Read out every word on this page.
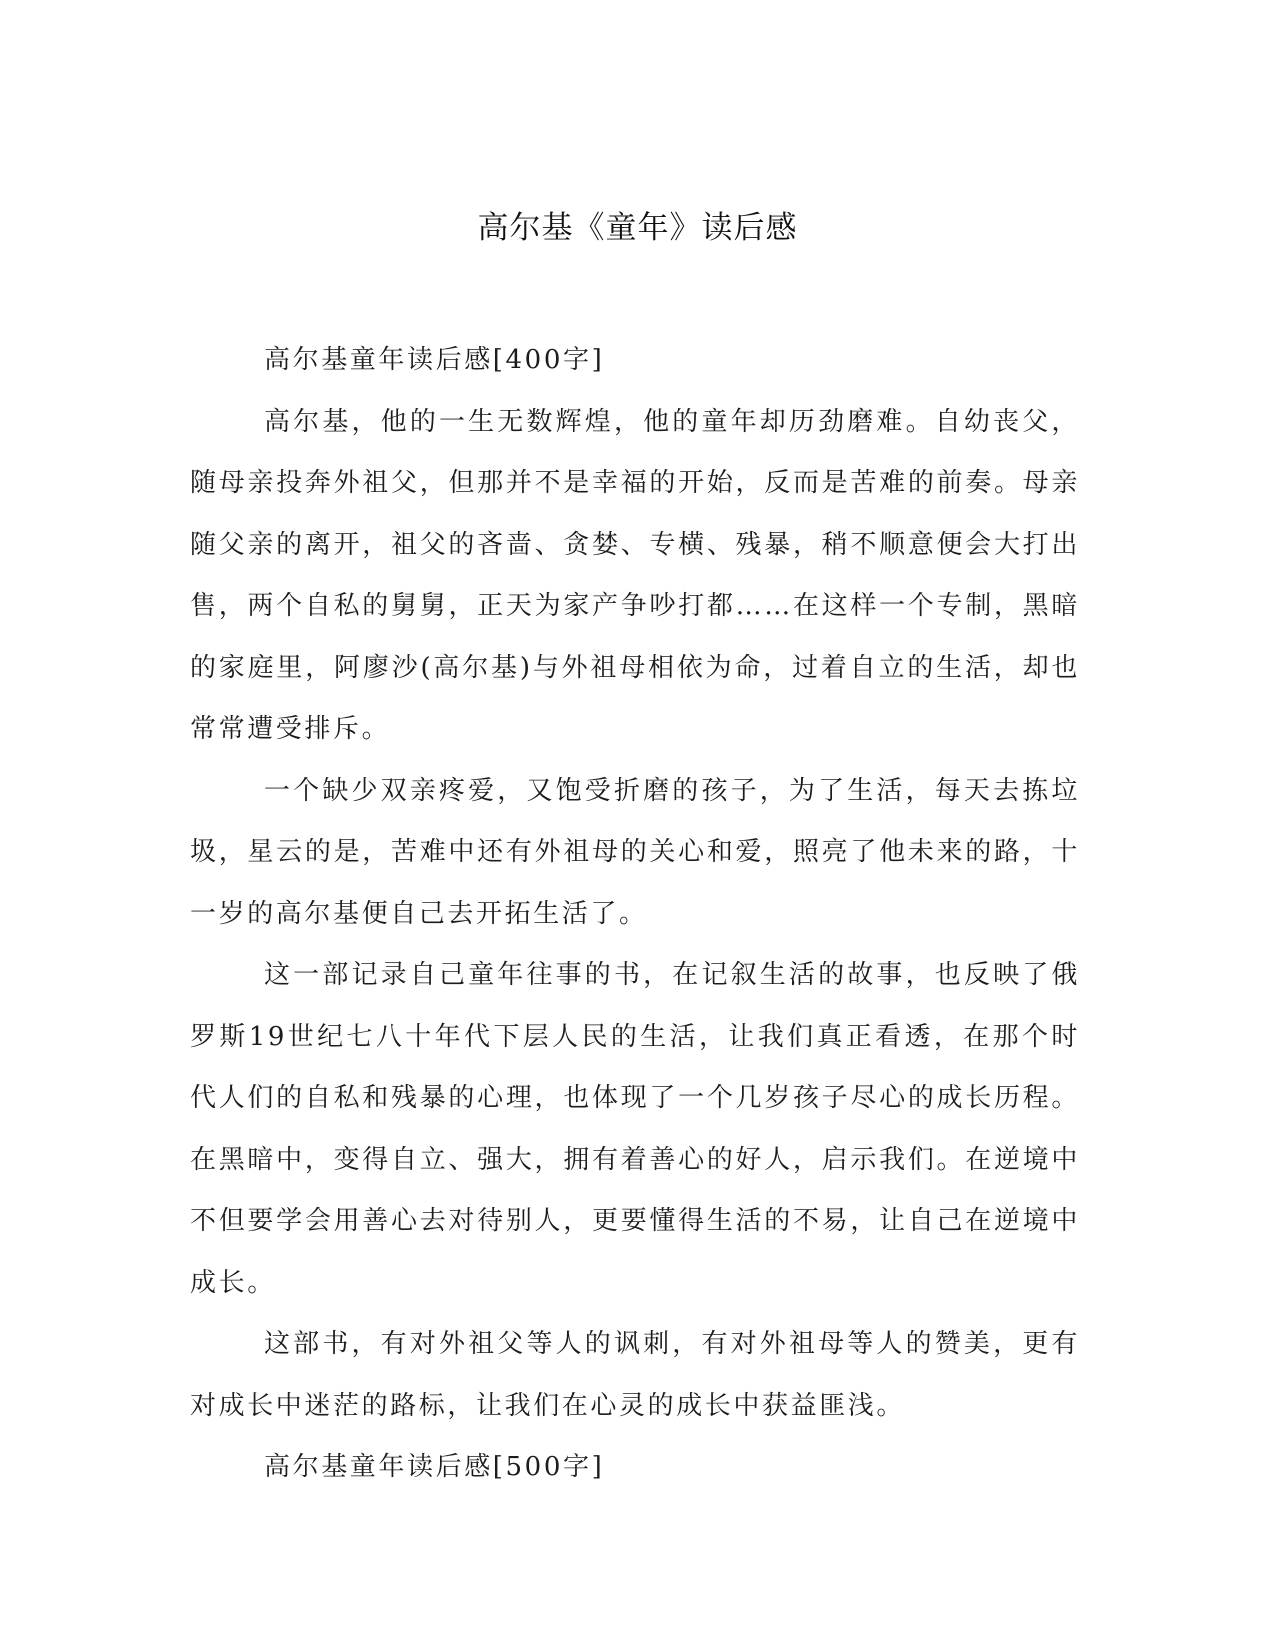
高尔基《童年》读后感

高尔基童年读后感[400字]

高尔基，他的一生无数辉煌，他的童年却历劲磨难。自幼丧父，随母亲投奔外祖父，但那并不是幸福的开始，反而是苦难的前奏。母亲随父亲的离开，祖父的吝啬、贪婪、专横、残暴，稍不顺意便会大打出售，两个自私的舅舅，正天为家产争吵打都……在这样一个专制，黑暗的家庭里，阿廖沙(高尔基)与外祖母相依为命，过着自立的生活，却也常常遭受排斥。

一个缺少双亲疼爱，又饱受折磨的孩子，为了生活，每天去拣垃圾，星云的是，苦难中还有外祖母的关心和爱，照亮了他未来的路，十一岁的高尔基便自己去开拓生活了。

这一部记录自己童年往事的书，在记叙生活的故事，也反映了俄罗斯19世纪七八十年代下层人民的生活，让我们真正看透，在那个时代人们的自私和残暴的心理，也体现了一个几岁孩子尽心的成长历程。在黑暗中，变得自立、强大，拥有着善心的好人，启示我们。在逆境中不但要学会用善心去对待别人，更要懂得生活的不易，让自己在逆境中成长。

这部书，有对外祖父等人的讽刺，有对外祖母等人的赞美，更有对成长中迷茫的路标，让我们在心灵的成长中获益匪浅。

高尔基童年读后感[500字]
